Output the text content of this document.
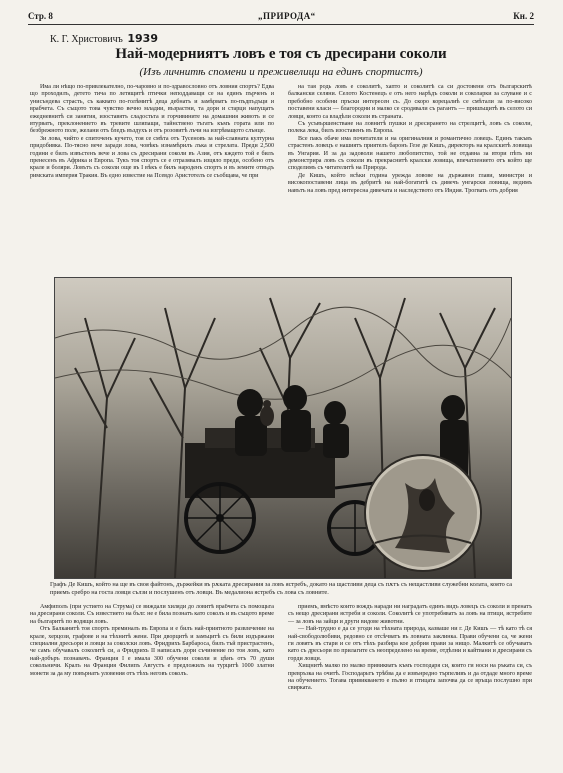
Стр. 8	„ПРИРОДА“	Кн. 2
К. Г. Христовичъ 1939
Най-модерниятъ ловъ е тоя съ дресирани соколи
(Изъ личнитѣ спомени и преживелици на единъ спортистъ)

Има ли нѣщо по-привлекателно, по-чаровно и по-здравословно отъ ловния спортъ? Едва що проходилъ, детето тича по летящитѣ птички неподдаващи се на единъ пърченъ и унисъндева страсть, съ каквато по-голѣмитѣ деца дебнатъ и замѣрватъ по-пъдпъдъци и врабчета. Съ същото това чувство вечно младии, възрастни, та дори и старци напущатъ ежедневнитѣ си занятия, изоставятъ сладостьта и горчивините на домашния животъ и се втурватъ, преклонението въ тревите шляпащи, тайнствено тъгатъ къмъ гората или по безбрежното поле, желани отъ бледъ въздухъ и отъ розовитѣ лъчи на изгрѣващото слънце.

Зи лова, чийто е спиточенъ кучето, тоя се смѣта отъ Тусеновъ за най-славната културна придобивка. По-тясно вече заради лова, човѣкъ изнамѣрилъ лъка и стрелата. Преди 2,500 години е билъ извъстенъ вече и лова съ дресирани соколи въ Азия, отъ кждето той е билъ пренесенъ въ Африка и Европа. Тукъ тоя спортъ се е отразявалъ изцяло преди, особено отъ крале и боляри. Ловътъ съ соколи още въ I вѣкъ е билъ народенъ спортъ и въ земите отвъдъ римската империя Тракия. Въ едно известие на Псевдо Аристотелъ се съобщава, че при

на тая родь ловъ е соколитѣ, хапто и соколитѣ са си достовени отъ българскитѣ балкански селяни. Селото Костенецъ е отъ него нарѣдъ соколи и соколарки за слуване и с пребобно особени пръски интересен съ. До скоро корецалиѣ се смѣтали за по-високо поставени класи — благородни и малко се сродявали съ рагантъ — пришъщитѣ въ селото си ловци, конто са владѣли соколи въ страната.

Съ усъвършенстване на ловнитѣ пушки и дресирането на стрелцитѣ, ловъ съ соколи, полека лека, билъ изоставенъ въ Европа.

Все пакъ обаче има почитатели и на оригиналния и романтично ловецъ. Единъ такъвъ страстенъ ловецъ е нашиятъ приятелъ баронъ Гезе де Кишъ, директоръ на кралскитѣ ловища въ Унгария. И за да задоволи нашето любопитство, той не отдавна за втори пѣть ни демонстрира ловъ съ соколи въ прекраснитѣ кралски ловища, впечатлението отъ който ще споделимъ съ читателитѣ на Природа.

Де Кишъ, който всѣки година урежда ловове на държавни глави, министри и високопоставени лица въ дебритѣ на най-богатитѣ съ дивечъ унгарски ловища, ведимъ навътъ на ловъ пред интересна дивечата и наследството отъ Индия. Трогвать отъ добрия

Графъ Де Кишъ, който на ще въ своя файтонъ, държейки въ рѫката дресирания за ловъ ястребъ, докато на щастливи деца съ пѫтъ съ нещастливи служебни колата, която са приемъ сребро на госта ловци сълзи и послушенъ отъ ловци. Въ медалиона ястребъ съ лова съ ловните.

Амфиполъ (при устието на Струма) се виждали хиляди до ловитѣ врабчета съ помощьта на дресирани соколи. Съ известието на бълг. не е била познатъ като соколъ и въ същото време на българитѣ по водящи ловъ.

Отъ Балканитѣ тоя спортъ преминалъ въ Европа и е билъ най-приятното развлечение на крале, херцози, графове и на тѣхнитѣ жени. При дворцитѣ и замъцитѣ съ били издържани специални дресьори и ловци за соколски ловъ. Фридрихъ Барбароса, билъ тъй пристрастенъ, че самъ обучавалъ соколитѣ си, а Фридрихъ II написалъ дори съчинение по тоя ловъ, като най-добъръ познавачъ. Франция I е имала 300 обучени соколи и цѣнъ отъ 70 души сокольничи. Кралъ на Франция Филипъ Августъ е предложилъ на турцитѣ 1000 златни монети за да му повърнатъ уловения отъ тѣхъ неговъ соколъ.

приемъ, вмѣсто които вождъ наради ни наградатъ единъ видъ ловецъ съ соколи и пренатъ съ нещо дресирани ястреби и соколи. Соколитѣ се употребяватъ за ловъ на птици, ястребите — за ловъ на зайци и други видове животни.

— Най-трудно е да се угоди на тѣхната природа, казвашe ни г. Де Кишъ — тѣ като тѣ ся най-свободолюбиви, редовно се отсѣчватъ въ ловната заклинка. Прави обучени са, че жени ги ловятъ въ стари и се отъ тѣхъ разбира кое добрия прави за нищо. Малкитѣ се обучаватъ като съ дресьори по прилагите съ неопределено на време, отдѣлни и кайтвани и дресирани съ горди ловци.

Хищнитѣ малко по малко привикватъ къмъ господаря си, които ги носи на ръката си, съ превръзка на очитѣ. Господарьтъ трѣбва да е извънредно търпеливъ и да отдаде много време на обучението. Тогава привикването е пълно и птицата започва да се връща послушно при свирката.
